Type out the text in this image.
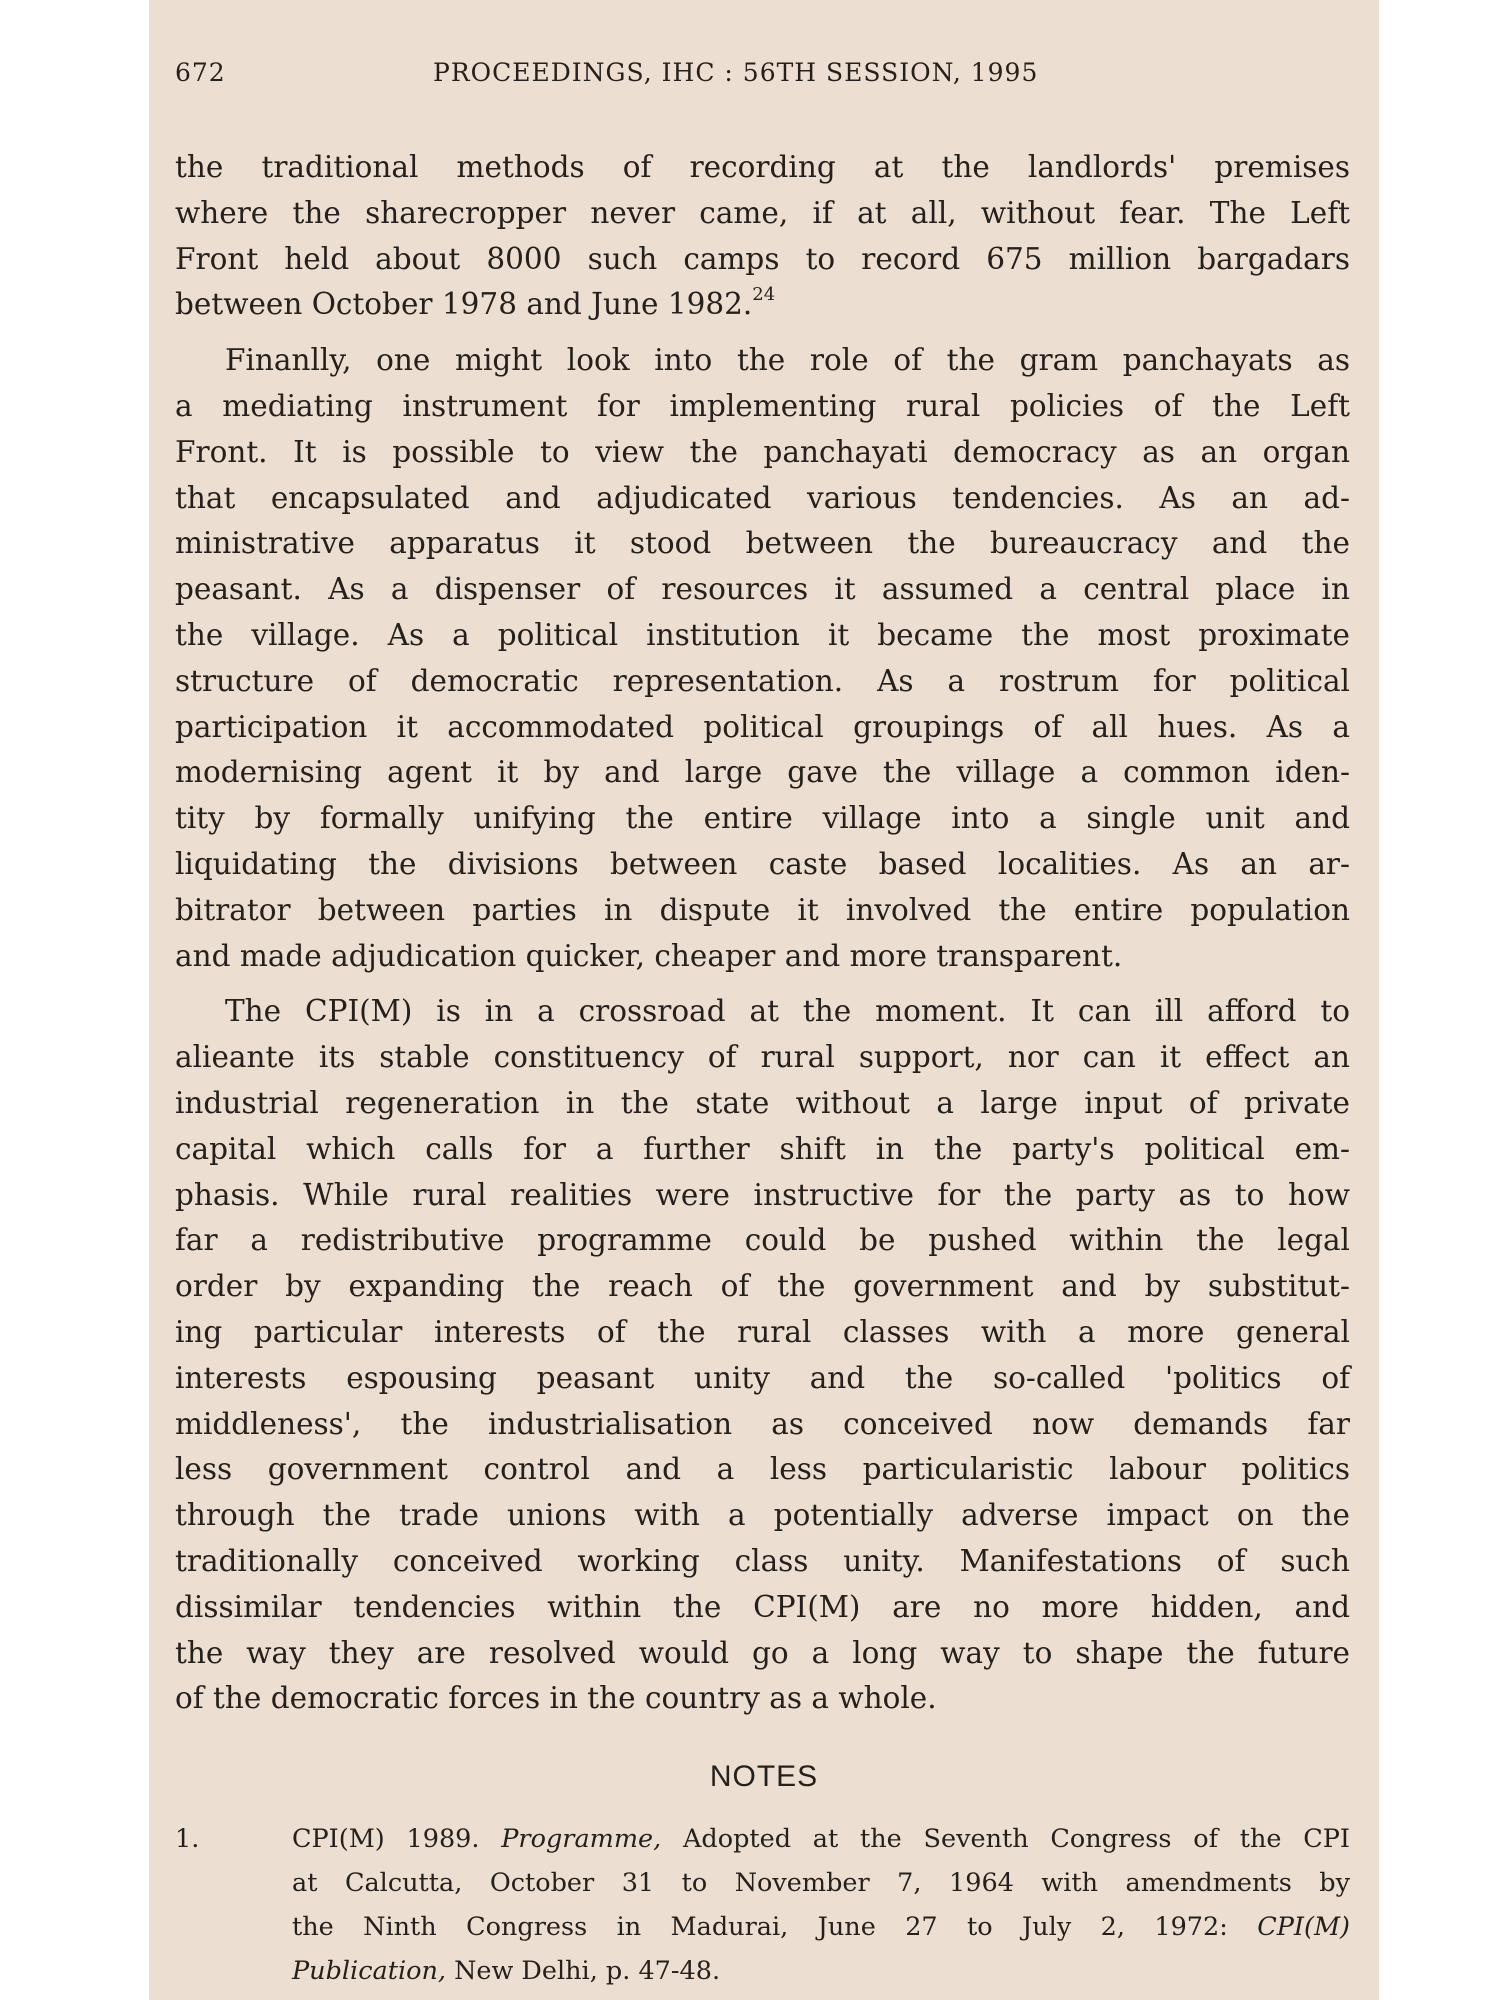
672	PROCEEDINGS, IHC : 56TH SESSION, 1995
the traditional methods of recording at the landlords' premises
where the sharecropper never came, if at all, without fear. The Left
Front held about 8000 such camps to record 675 million bargadars
between October 1978 and June 1982.24
Finanlly, one might look into the role of the gram panchayats as
a mediating instrument for implementing rural policies of the Left
Front. It is possible to view the panchayati democracy as an organ
that encapsulated and adjudicated various tendencies. As an ad-
ministrative apparatus it stood between the bureaucracy and the
peasant. As a dispenser of resources it assumed a central place in
the village. As a political institution it became the most proximate
structure of democratic representation. As a rostrum for political
participation it accommodated political groupings of all hues. As a
modernising agent it by and large gave the village a common iden-
tity by formally unifying the entire village into a single unit and
liquidating the divisions between caste based localities. As an ar-
bitrator between parties in dispute it involved the entire population
and made adjudication quicker, cheaper and more transparent.
The CPI(M) is in a crossroad at the moment. It can ill afford to
alieante its stable constituency of rural support, nor can it effect an
industrial regeneration in the state without a large input of private
capital which calls for a further shift in the party's political em-
phasis. While rural realities were instructive for the party as to how
far a redistributive programme could be pushed within the legal
order by expanding the reach of the government and by substitut-
ing particular interests of the rural classes with a more general
interests espousing peasant unity and the so-called 'politics of
middleness', the industrialisation as conceived now demands far
less government control and a less particularistic labour politics
through the trade unions with a potentially adverse impact on the
traditionally conceived working class unity. Manifestations of such
dissimilar tendencies within the CPI(M) are no more hidden, and
the way they are resolved would go a long way to shape the future
of the democratic forces in the country as a whole.
NOTES
1.	CPI(M) 1989. Programme, Adopted at the Seventh Congress of the CPI
at Calcutta, October 31 to November 7, 1964 with amendments by
the Ninth Congress in Madurai, June 27 to July 2, 1972: CPI(M)
Publication, New Delhi, p. 47-48.
